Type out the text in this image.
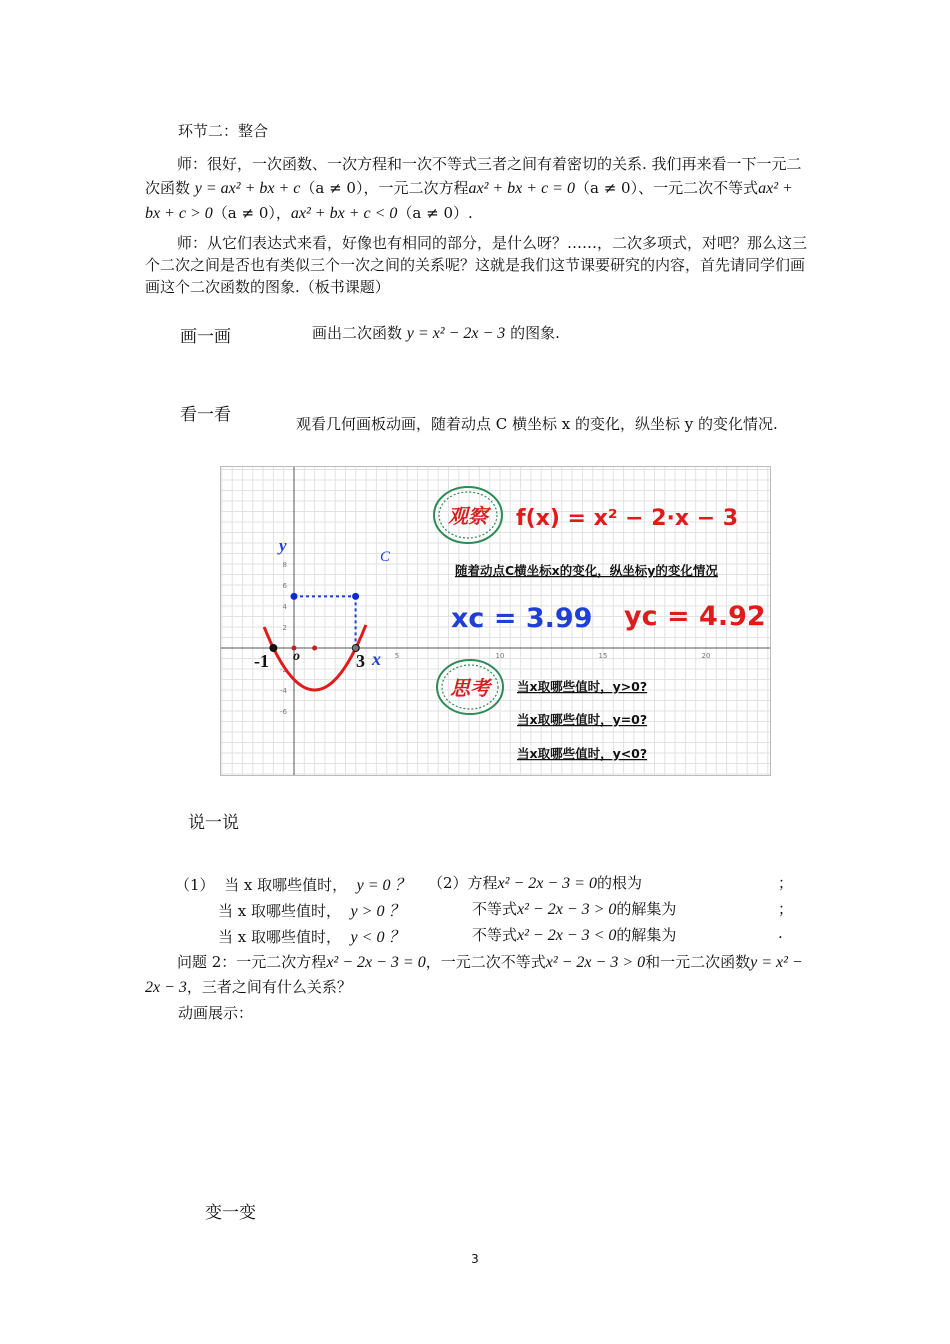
环节二：整合
师：很好，一次函数、一次方程和一次不等式三者之间有着密切的关系. 我们再来看一下一元二次函数 y = ax² + bx + c（a ≠ 0），一元二次方程ax² + bx + c = 0（a ≠ 0）、一元二次不等式ax² + bx + c > 0（a ≠ 0），ax² + bx + c < 0（a ≠ 0）.
师：从它们表达式来看，好像也有相同的部分，是什么呀？……，二次多项式，对吧？那么这三个二次之间是否也有类似三个一次之间的关系呢？这就是我们这节课要研究的内容，首先请同学们画画这个二次函数的图象.（板书课题）
画一画	画出二次函数 y = x² − 2x − 3 的图象.
看一看	观看几何画板动画，随着动点 C 横坐标 x 的变化，纵坐标 y 的变化情况.
8
6
4
2
-2
-4
-6
5	10	15	20
y
C
x
o
-1	3
观察 f(x) = x² − 2·x − 3
随着动点C横坐标x的变化，纵坐标y的变化情况
xc = 3.99 yc = 4.92
思考 当x取哪些值时，y>0?
当x取哪些值时，y=0?
当x取哪些值时，y<0?
说一说
（1） 当 x 取哪些值时， y = 0 ？ （2）方程x² − 2x − 3 = 0的根为	；
当 x 取哪些值时， y > 0 ？	不等式x² − 2x − 3 > 0的解集为	；
当 x 取哪些值时， y < 0 ？	不等式x² − 2x − 3 < 0的解集为	.
问题 2：一元二次方程x² − 2x − 3 = 0，一元二次不等式x² − 2x − 3 > 0和一元二次函数y = x² − 2x − 3，三者之间有什么关系？
动画展示：
变一变
3
